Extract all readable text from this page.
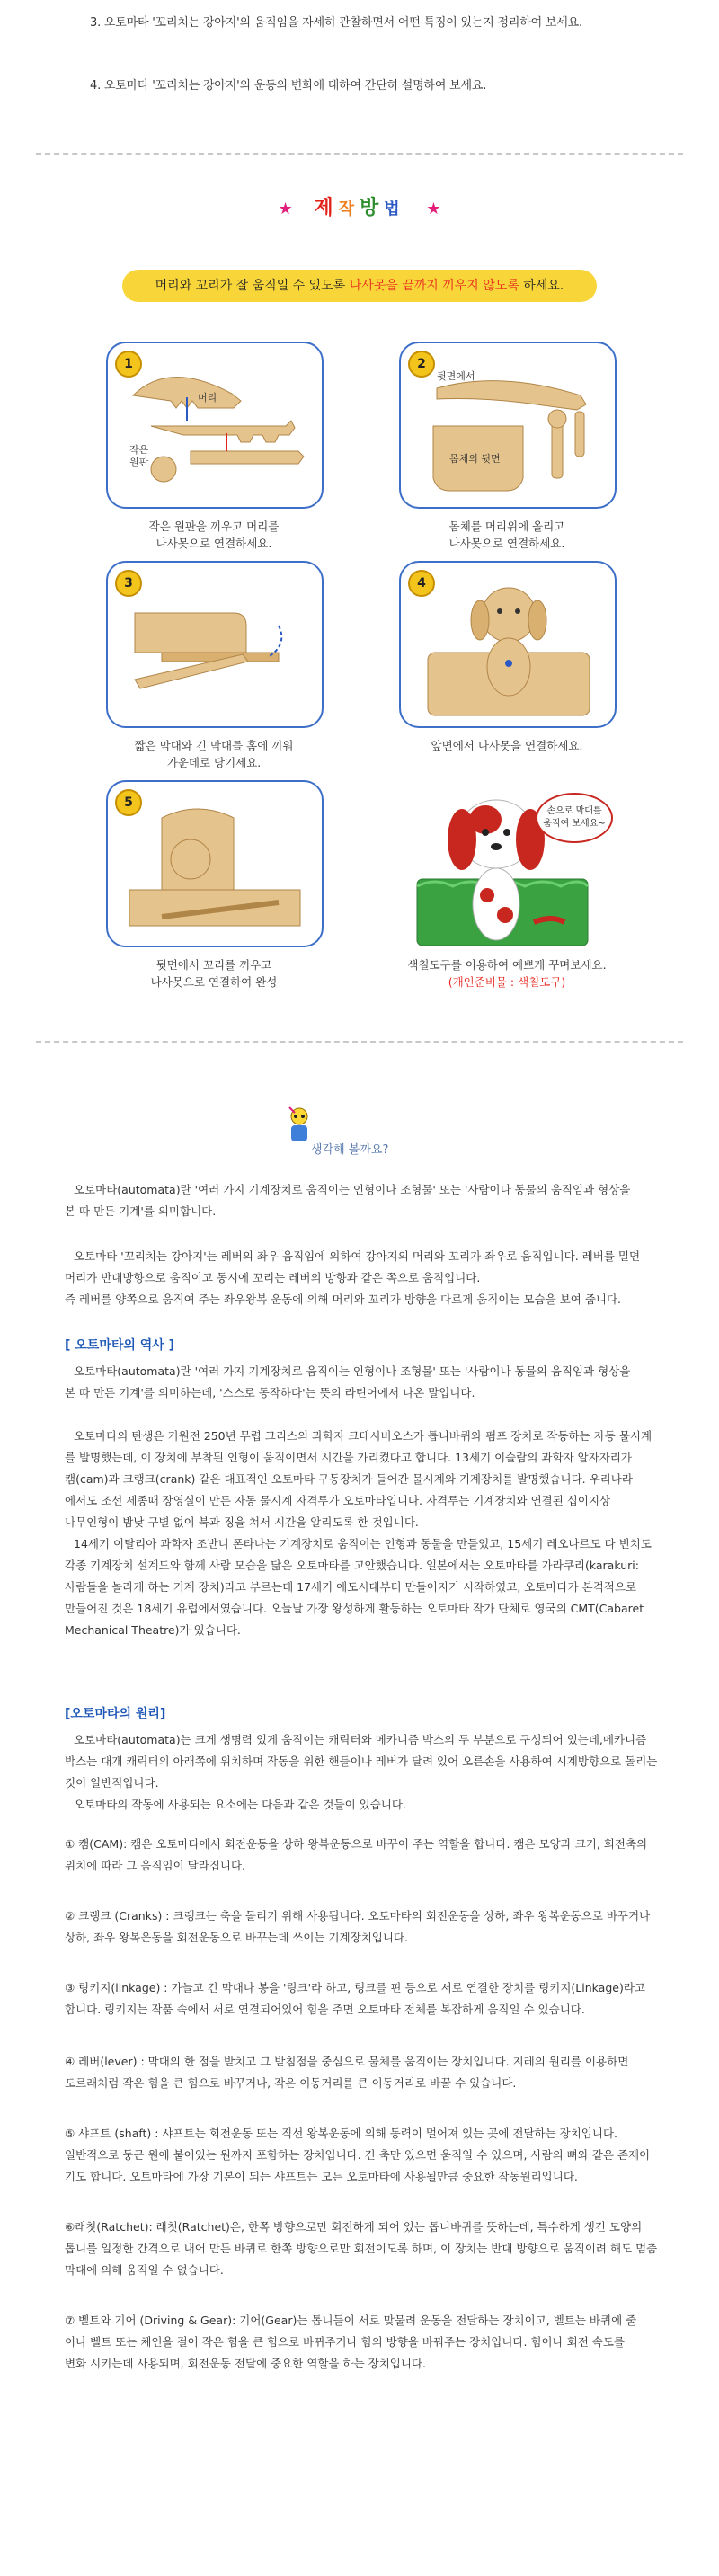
3. 오토마타 '꼬리치는 강아지'의 움직임을 자세히 관찰하면서 어떤 특징이 있는지 정리하여 보세요.
4. 오토마타 '꼬리치는 강아지'의 운동의 변화에 대하여 간단히 설명하여 보세요.
★ 제작방법 ★
머리와 꼬리가 잘 움직일 수 있도록 나사못을 끝까지 끼우지 않도록 하세요.
1
머리
작은
원판
작은 원판을 끼우고 머리를
나사못으로 연결하세요.
2
뒷면에서
몸체의 뒷면
몸체를 머리위에 올리고
나사못으로 연결하세요.
3
짧은 막대와 긴 막대를 홈에 끼워
가운데로 당기세요.
4
앞면에서 나사못을 연결하세요.
5
뒷면에서 꼬리를 끼우고
나사못으로 연결하여 완성
손으로 막대를
움직여 보세요~
색칠도구를 이용하여 예쁘게 꾸며보세요.
(개인준비물 : 색칠도구)
생각해 볼까요?
오토마타(automata)란 '여러 가지 기계장치로 움직이는 인형이나 조형물' 또는 '사람이나 동물의 움직임과 형상을
본 따 만든 기계'를 의미합니다.
오토마타 '꼬리치는 강아지'는 레버의 좌우 움직임에 의하여 강아지의 머리와 꼬리가 좌우로 움직입니다. 레버를 밀면
머리가 반대방향으로 움직이고 동시에 꼬리는 레버의 방향과 같은 쪽으로 움직입니다.
즉 레버를 양쪽으로 움직여 주는 좌우왕복 운동에 의해 머리와 꼬리가 방향을 다르게 움직이는 모습을 보여 줍니다.
[ 오토마타의 역사 ]
오토마타(automata)란 '여러 가지 기계장치로 움직이는 인형이나 조형물' 또는 '사람이나 동물의 움직임과 형상을
본 따 만든 기계'를 의미하는데, '스스로 동작하다'는 뜻의 라틴어에서 나온 말입니다.
오토마타의 탄생은 기원전 250년 무렵 그리스의 과학자 크테시비오스가 톱니바퀴와 펌프 장치로 작동하는 자동 물시계
를 발명했는데, 이 장치에 부착된 인형이 움직이면서 시간을 가리켰다고 합니다. 13세기 이슬람의 과학자 알자자리가
캠(cam)과 크랭크(crank) 같은 대표적인 오토마타 구동장치가 들어간 물시계와 기계장치를 발명했습니다. 우리나라
에서도 조선 세종때 장영실이 만든 자동 물시계 자격루가 오토마타입니다. 자격루는 기계장치와 연결된 십이지상
나무인형이 밤낮 구별 없이 북과 징을 쳐서 시간을 알리도록 한 것입니다.
14세기 이탈리아 과학자 조반니 폰타나는 기계장치로 움직이는 인형과 동물을 만들었고, 15세기 레오나르도 다 빈치도
각종 기계장치 설계도와 함께 사람 모습을 닮은 오토마타를 고안했습니다. 일본에서는 오토마타를 가라쿠리(karakuri:
사람들을 놀라게 하는 기계 장치)라고 부르는데 17세기 에도시대부터 만들어지기 시작하였고, 오토마타가 본격적으로
만들어진 것은 18세기 유럽에서였습니다. 오늘날 가장 왕성하게 활동하는 오토마타 작가 단체로 영국의 CMT(Cabaret
Mechanical Theatre)가 있습니다.
[오토마타의 원리]
오토마타(automata)는 크게 생명력 있게 움직이는 캐릭터와 메카니즘 박스의 두 부분으로 구성되어 있는데,메카니즘
박스는 대개 캐릭터의 아래쪽에 위치하며 작동을 위한 핸들이나 레버가 달려 있어 오른손을 사용하여 시계방향으로 돌리는
것이 일반적입니다.
오토마타의 작동에 사용되는 요소에는 다음과 같은 것들이 있습니다.
① 캠(CAM): 캠은 오토마타에서 회전운동을 상하 왕복운동으로 바꾸어 주는 역할을 합니다. 캠은 모양과 크기, 회전축의
위치에 따라 그 움직임이 달라집니다.
② 크랭크 (Cranks) : 크랭크는 축을 돌리기 위해 사용됩니다. 오토마타의 회전운동을 상하, 좌우 왕복운동으로 바꾸거나
상하, 좌우 왕복운동을 회전운동으로 바꾸는데 쓰이는 기계장치입니다.
③ 링키지(linkage) : 가늘고 긴 막대나 봉을 '링크'라 하고, 링크를 핀 등으로 서로 연결한 장치를 링키지(Linkage)라고
합니다. 링키지는 작품 속에서 서로 연결되어있어 힘을 주면 오토마타 전체를 복잡하게 움직일 수 있습니다.
④ 레버(lever) : 막대의 한 점을 받치고 그 받침점을 중심으로 물체를 움직이는 장치입니다. 지레의 원리를 이용하면
도르래처럼 작은 힘을 큰 힘으로 바꾸거나, 작은 이동거리를 큰 이동거리로 바꿀 수 있습니다.
⑤ 샤프트 (shaft) : 샤프트는 회전운동 또는 직선 왕복운동에 의해 동력이 멀어져 있는 곳에 전달하는 장치입니다.
일반적으로 둥근 원에 붙어있는 원까지 포함하는 장치입니다. 긴 축만 있으면 움직일 수 있으며, 사람의 뼈와 같은 존재이
기도 합니다. 오토마타에 가장 기본이 되는 샤프트는 모든 오토마타에 사용될만큼 중요한 작동원리입니다.
⑥래칫(Ratchet): 래칫(Ratchet)은, 한쪽 방향으로만 회전하게 되어 있는 톱니바퀴를 뜻하는데, 특수하게 생긴 모양의
톱니를 일정한 간격으로 내어 만든 바퀴로 한쪽 방향으로만 회전이도록 하며, 이 장치는 반대 방향으로 움직이려 해도 멈춤
막대에 의해 움직일 수 없습니다.
⑦ 벨트와 기어 (Driving & Gear): 기어(Gear)는 톱니들이 서로 맞물려 운동을 전달하는 장치이고, 벨트는 바퀴에 줄
이나 벨트 또는 체인을 걸어 작은 힘을 큰 힘으로 바뀌주거나 힘의 방향을 바꿔주는 장치입니다. 힘이나 회전 속도를
변화 시키는데 사용되며, 회전운동 전달에 중요한 역할을 하는 장치입니다.
